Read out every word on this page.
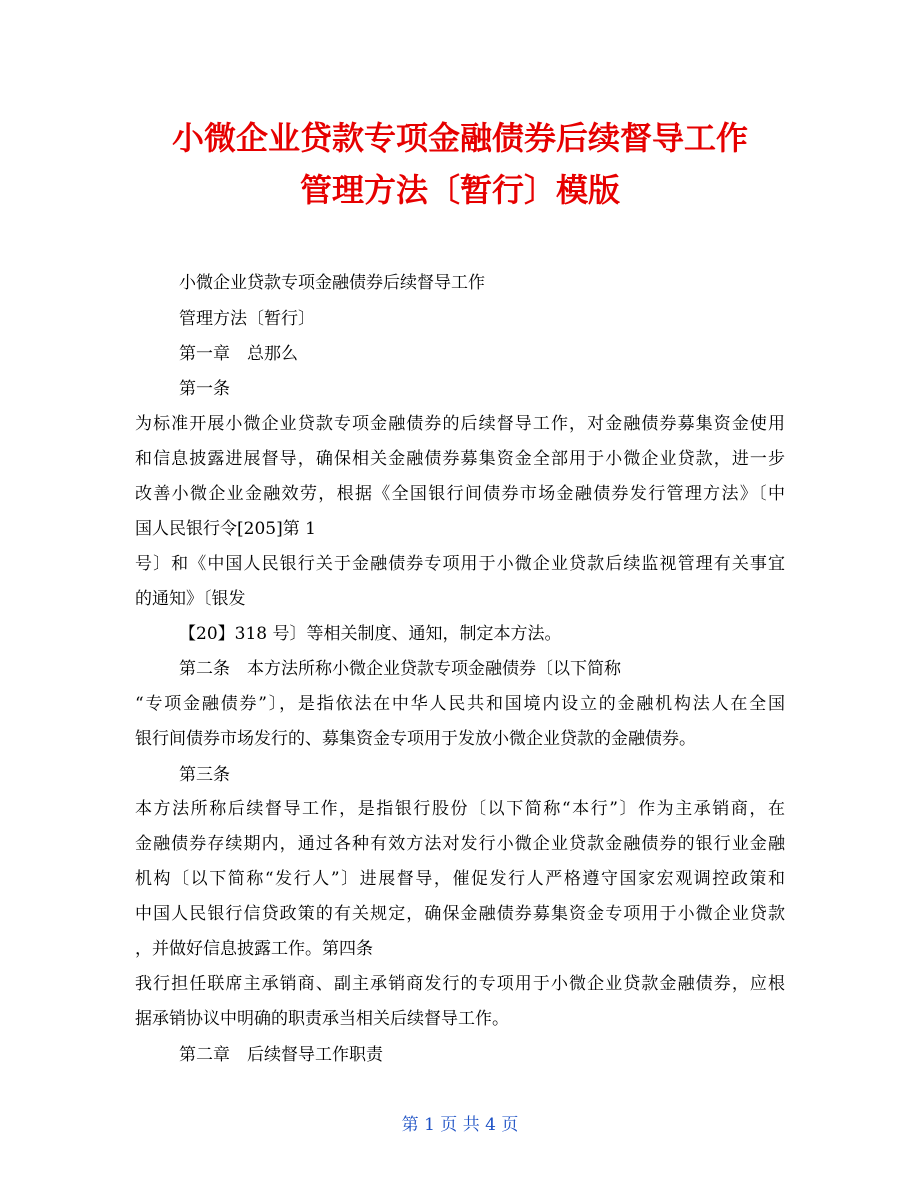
小微企业贷款专项金融债券后续督导工作
管理方法〔暂行〕模版
小微企业贷款专项金融债券后续督导工作
管理方法〔暂行〕
第一章　总那么
第一条
为标准开展小微企业贷款专项金融债券的后续督导工作，对金融债券募集资金使用
和信息披露进展督导，确保相关金融债券募集资金全部用于小微企业贷款，进一步
改善小微企业金融效劳，根据《全国银行间债券市场金融债券发行管理方法》〔中
国人民银行令[205]第 1
号〕和《中国人民银行关于金融债券专项用于小微企业贷款后续监视管理有关事宜
的通知》〔银发
【20】318 号〕等相关制度、通知，制定本方法。
第二条　本方法所称小微企业贷款专项金融债券〔以下简称
“专项金融债券”〕，是指依法在中华人民共和国境内设立的金融机构法人在全国
银行间债券市场发行的、募集资金专项用于发放小微企业贷款的金融债券。
第三条
本方法所称后续督导工作，是指银行股份〔以下简称“本行”〕作为主承销商，在
金融债券存续期内，通过各种有效方法对发行小微企业贷款金融债券的银行业金融
机构〔以下简称“发行人”〕进展督导，催促发行人严格遵守国家宏观调控政策和
中国人民银行信贷政策的有关规定，确保金融债券募集资金专项用于小微企业贷款
，并做好信息披露工作。第四条
我行担任联席主承销商、副主承销商发行的专项用于小微企业贷款金融债券，应根
据承销协议中明确的职责承当相关后续督导工作。
第二章　后续督导工作职责
第 1 页 共 4 页
